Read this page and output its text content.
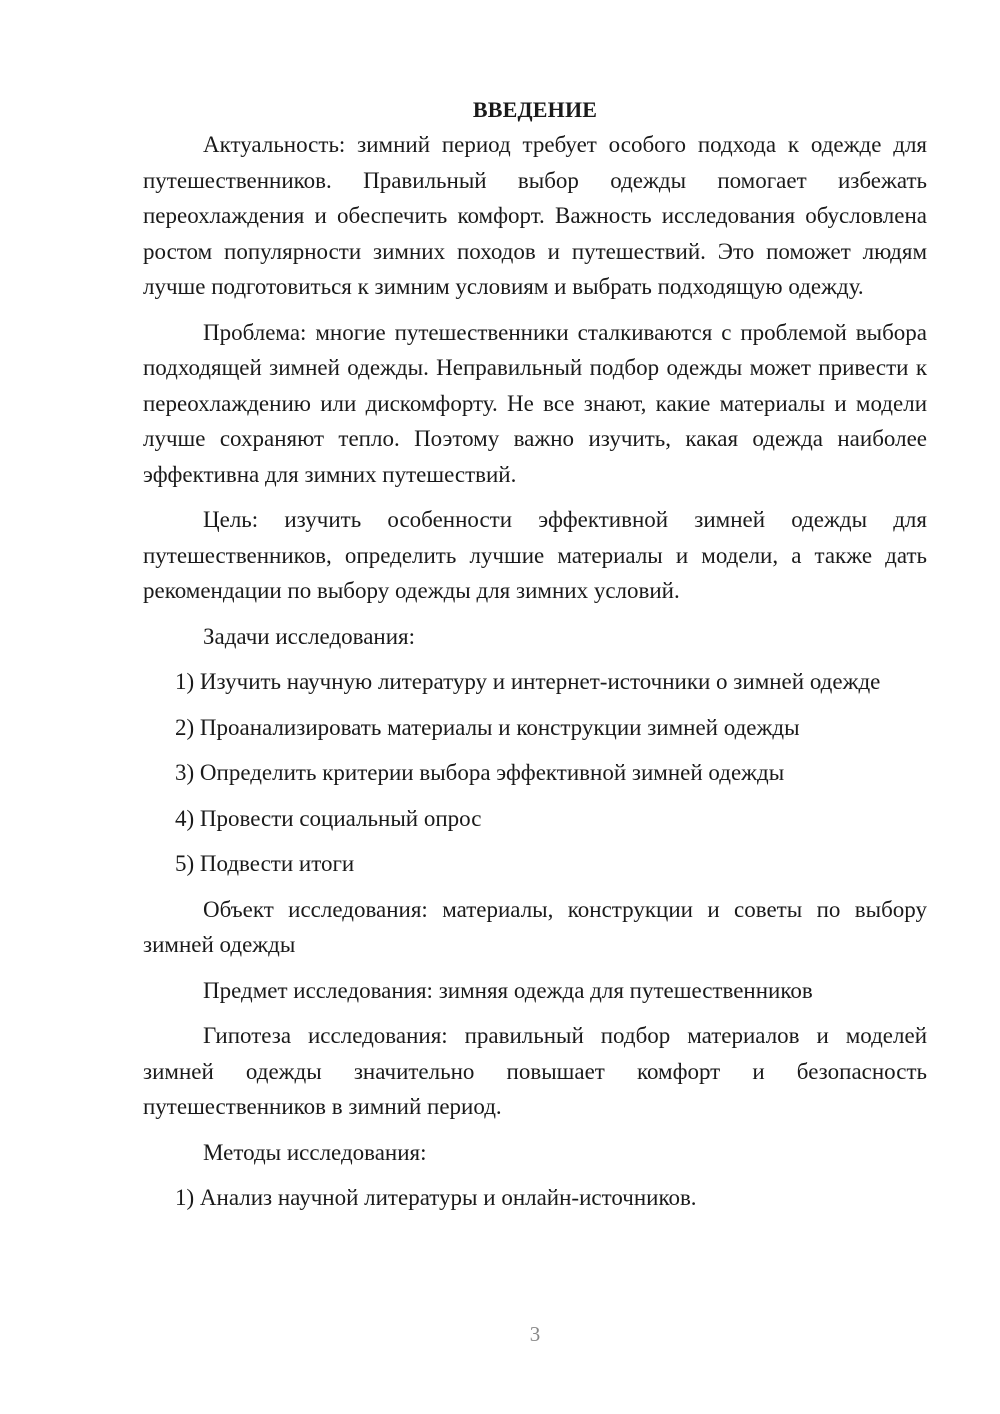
ВВЕДЕНИЕ

Актуальность: зимний период требует особого подхода к одежде для путешественников. Правильный выбор одежды помогает избежать переохлаждения и обеспечить комфорт. Важность исследования обусловлена ростом популярности зимних походов и путешествий. Это поможет людям лучше подготовиться к зимним условиям и выбрать подходящую одежду.

Проблема: многие путешественники сталкиваются с проблемой выбора подходящей зимней одежды. Неправильный подбор одежды может привести к переохлаждению или дискомфорту. Не все знают, какие материалы и модели лучше сохраняют тепло. Поэтому важно изучить, какая одежда наиболее эффективна для зимних путешествий.

Цель: изучить особенности эффективной зимней одежды для путешественников, определить лучшие материалы и модели, а также дать рекомендации по выбору одежды для зимних условий.

Задачи исследования:

1) Изучить научную литературу и интернет-источники о зимней одежде
2) Проанализировать материалы и конструкции зимней одежды
3) Определить критерии выбора эффективной зимней одежды
4) Провести социальный опрос
5) Подвести итоги

Объект исследования: материалы, конструкции и советы по выбору зимней одежды

Предмет исследования: зимняя одежда для путешественников

Гипотеза исследования: правильный подбор материалов и моделей зимней одежды значительно повышает комфорт и безопасность путешественников в зимний период.

Методы исследования:

1) Анализ научной литературы и онлайн-источников.
3
